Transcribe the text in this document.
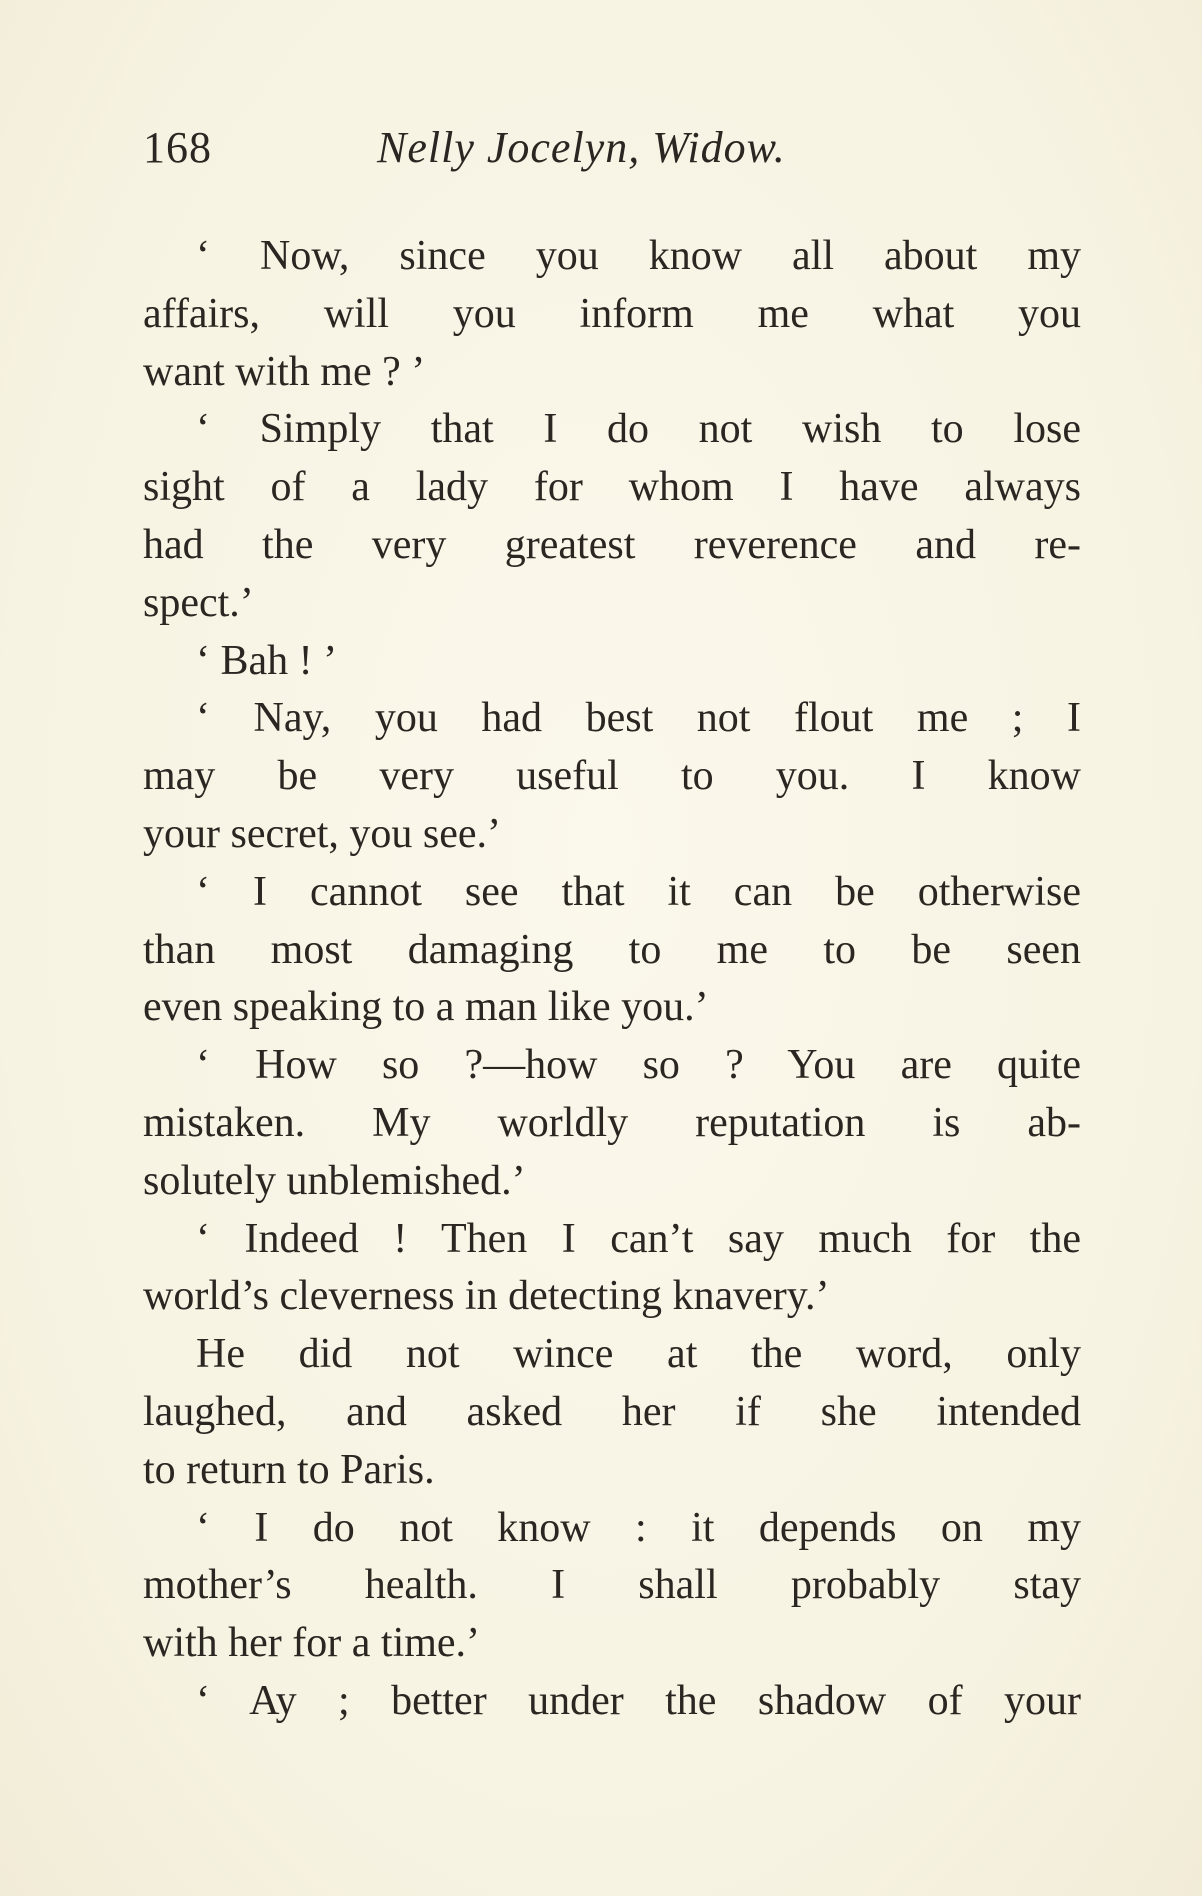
168	Nelly Jocelyn, Widow.
‘ Now, since you know all about my
affairs, will you inform me what you
want with me ? ’
‘ Simply that I do not wish to lose
sight of a lady for whom I have always
had the very greatest reverence and re-
spect.’
‘ Bah ! ’
‘ Nay, you had best not flout me ; I
may be very useful to you. I know
your secret, you see.’
‘ I cannot see that it can be otherwise
than most damaging to me to be seen
even speaking to a man like you.’
‘ How so ?—how so ? You are quite
mistaken. My worldly reputation is ab-
solutely unblemished.’
‘ Indeed ! Then I can’t say much for the
world’s cleverness in detecting knavery.’
He did not wince at the word, only
laughed, and asked her if she intended
to return to Paris.
‘ I do not know : it depends on my
mother’s health. I shall probably stay
with her for a time.’
‘ Ay ; better under the shadow of your
